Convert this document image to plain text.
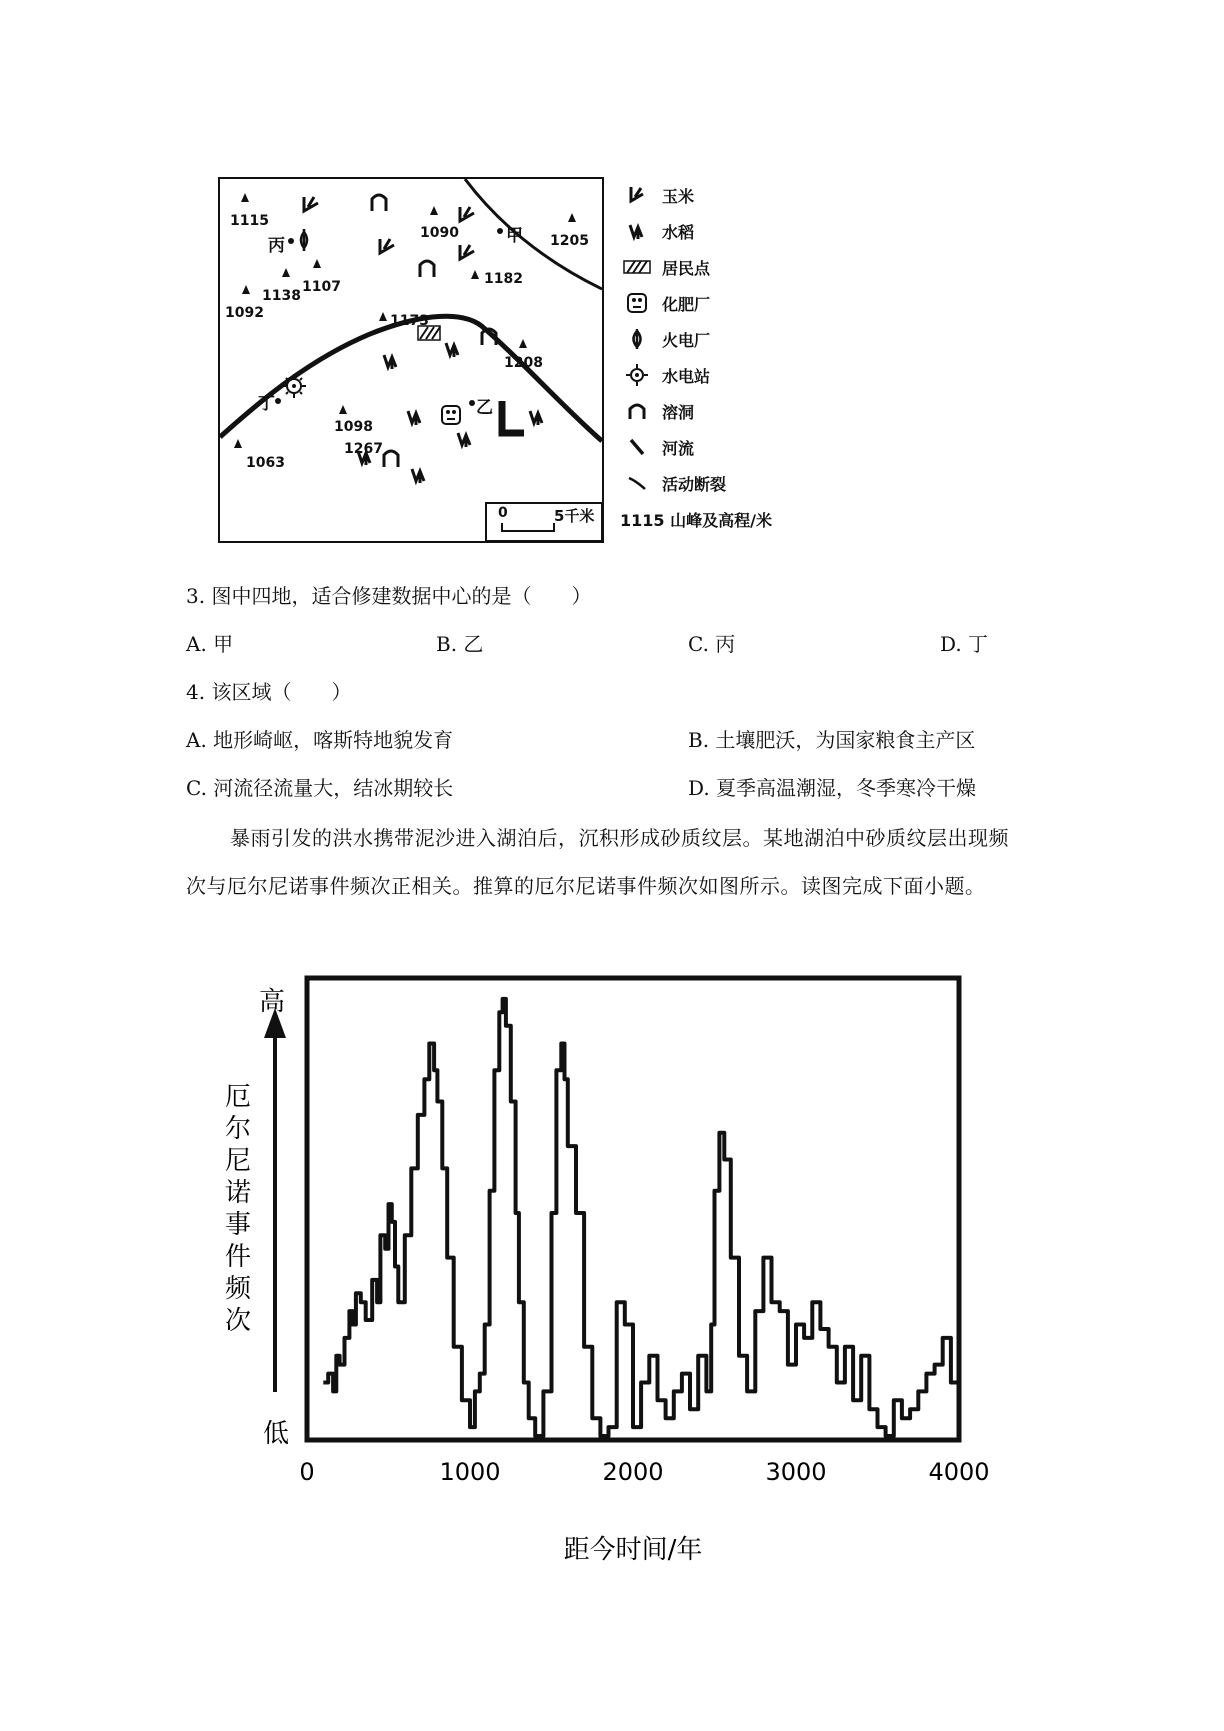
1115
1090	1205
1138
1107	1182
1092	1173
1208
1098
1267
1063
丙	甲
丁	乙
0	5千米
玉米
水稻
居民点
化肥厂
火电厂
水电站
溶洞
河流
活动断裂
1115 山峰及高程/米
3. 图中四地，适合修建数据中心的是（　　）
A. 甲	B. 乙	C. 丙	D. 丁
4. 该区域（　　）
A. 地形崎岖，喀斯特地貌发育	B. 土壤肥沃，为国家粮食主产区
C. 河流径流量大，结冰期较长	D. 夏季高温潮湿，冬季寒冷干燥
暴雨引发的洪水携带泥沙进入湖泊后，沉积形成砂质纹层。某地湖泊中砂质纹层出现频
次与厄尔尼诺事件频次正相关。推算的厄尔尼诺事件频次如图所示。读图完成下面小题。
高
低
厄
尔
尼
诺
事
件
频
次
0	1000	2000	3000	4000
距今时间/年
